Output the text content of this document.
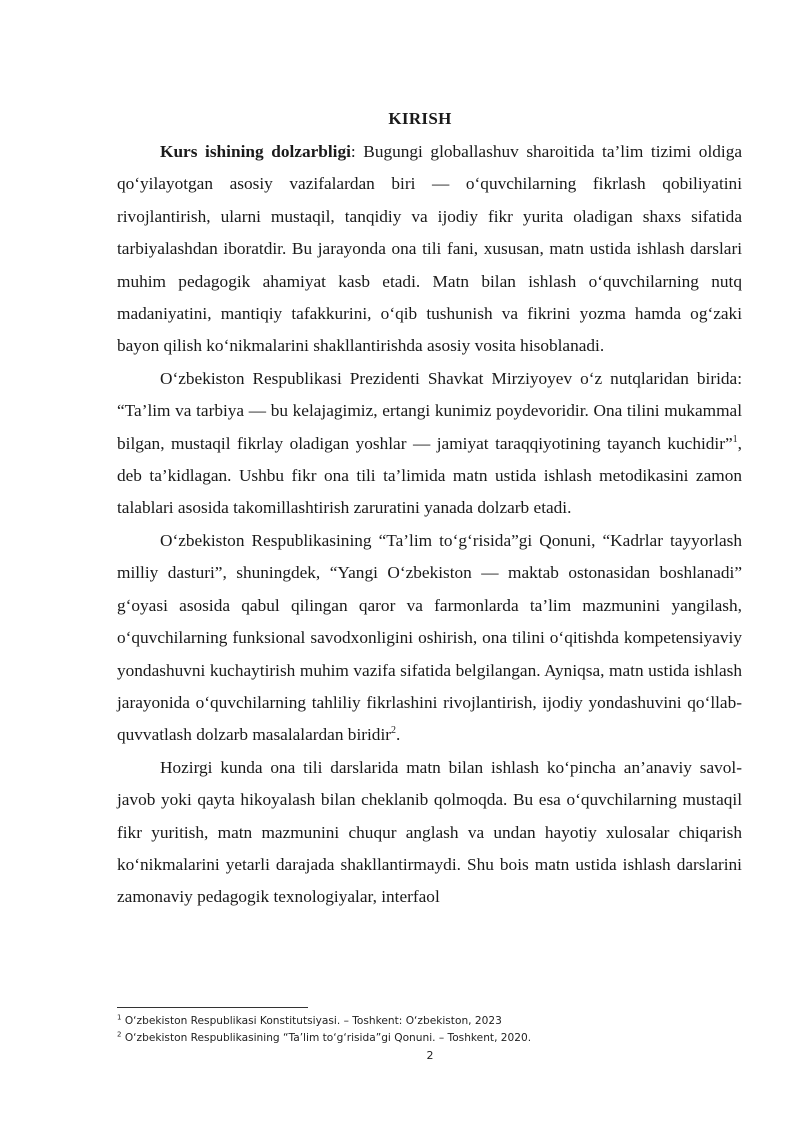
KIRISH

Kurs ishining dolzarbligi: Bugungi globallashuv sharoitida ta’lim tizimi oldiga qo‘yilayotgan asosiy vazifalardan biri — o‘quvchilarning fikrlash qobiliyatini rivojlantirish, ularni mustaqil, tanqidiy va ijodiy fikr yurita oladigan shaxs sifatida tarbiyalashdan iboratdir. Bu jarayonda ona tili fani, xususan, matn ustida ishlash darslari muhim pedagogik ahamiyat kasb etadi. Matn bilan ishlash o‘quvchilarning nutq madaniyatini, mantiqiy tafakkurini, o‘qib tushunish va fikrini yozma hamda og‘zaki bayon qilish ko‘nikmalarini shakllantirishda asosiy vosita hisoblanadi.

O‘zbekiston Respublikasi Prezidenti Shavkat Mirziyoyev o‘z nutqlaridan birida: “Ta’lim va tarbiya — bu kelajagimiz, ertangi kunimiz poydevoridir. Ona tilini mukammal bilgan, mustaqil fikrlay oladigan yoshlar — jamiyat taraqqiyotining tayanch kuchidir”$^1$, deb ta’kidlagan. Ushbu fikr ona tili ta’limida matn ustida ishlash metodikasini zamon talablari asosida takomillashtirish zaruratini yanada dolzarb etadi.

O‘zbekiston Respublikasining “Ta’lim to‘g‘risida”gi Qonuni, “Kadrlar tayyorlash milliy dasturi”, shuningdek, “Yangi O‘zbekiston — maktab ostonasidan boshlanadi” g‘oyasi asosida qabul qilingan qaror va farmonlarda ta’lim mazmunini yangilash, o‘quvchilarning funksional savodxonligini oshirish, ona tilini o‘qitishda kompetensiyaviy yondashuvni kuchaytirish muhim vazifa sifatida belgilangan. Ayniqsa, matn ustida ishlash jarayonida o‘quvchilarning tahliliy fikrlashini rivojlantirish, ijodiy yondashuvini qo‘llab-quvvatlash dolzarb masalalardan biridir$^2$.

Hozirgi kunda ona tili darslarida matn bilan ishlash ko‘pincha an’anaviy savol-javob yoki qayta hikoyalash bilan cheklanib qolmoqda. Bu esa o‘quvchilarning mustaqil fikr yuritish, matn mazmunini chuqur anglash va undan hayotiy xulosalar chiqarish ko‘nikmalarini yetarli darajada shakllantirmaydi. Shu bois matn ustida ishlash darslarini zamonaviy pedagogik texnologiyalar, interfaol

$^1$ O‘zbekiston Respublikasi Konstitutsiyasi. – Toshkent: O‘zbekiston, 2023
$^2$ O‘zbekiston Respublikasining “Ta’lim to‘g‘risida”gi Qonuni. – Toshkent, 2020.
2
